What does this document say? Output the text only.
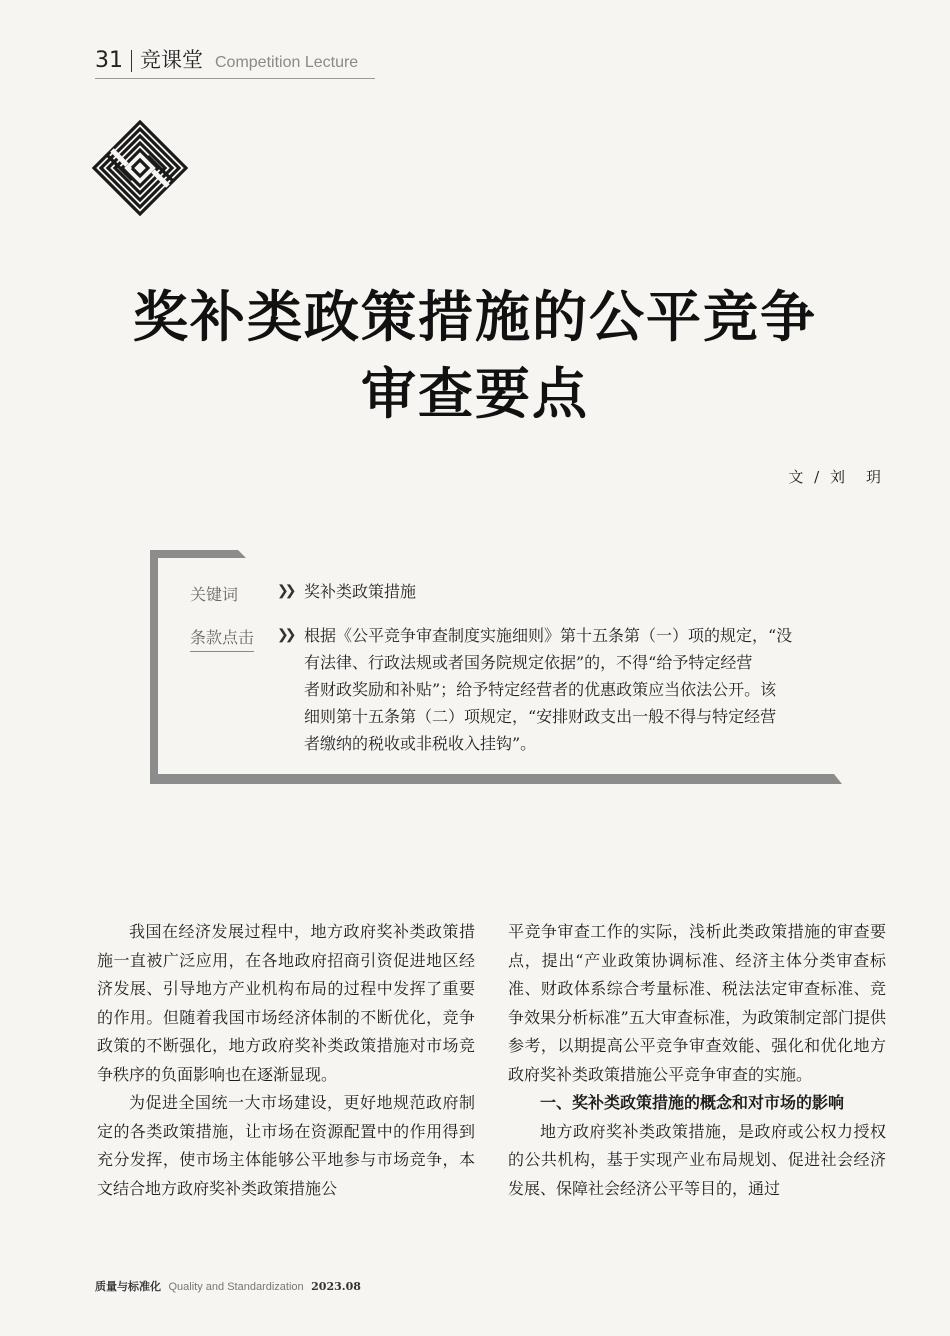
31 竞课堂 Competition Lecture
奖补类政策措施的公平竞争
审查要点
文 / 刘　玥
关键词	❯❯ 奖补类政策措施
条款点击 ❯❯ 根据《公平竞争审查制度实施细则》第十五条第（一）项的规定，“没
有法律、行政法规或者国务院规定依据”的，不得“给予特定经营
者财政奖励和补贴”；给予特定经营者的优惠政策应当依法公开。该
细则第十五条第（二）项规定，“安排财政支出一般不得与特定经营
者缴纳的税收或非税收入挂钩”。

我国在经济发展过程中，地方政府奖补类政策措施一直被广泛应用，在各地政府招商引资促进地区经济发展、引导地方产业机构布局的过程中发挥了重要的作用。但随着我国市场经济体制的不断优化，竞争政策的不断强化，地方政府奖补类政策措施对市场竞争秩序的负面影响也在逐渐显现。

为促进全国统一大市场建设，更好地规范政府制定的各类政策措施，让市场在资源配置中的作用得到充分发挥，使市场主体能够公平地参与市场竞争，本文结合地方政府奖补类政策措施公

平竞争审查工作的实际，浅析此类政策措施的审查要点，提出“产业政策协调标准、经济主体分类审查标准、财政体系综合考量标准、税法法定审查标准、竞争效果分析标准”五大审查标准，为政策制定部门提供参考，以期提高公平竞争审查效能、强化和优化地方政府奖补类政策措施公平竞争审查的实施。

一、奖补类政策措施的概念和对市场的影响

地方政府奖补类政策措施，是政府或公权力授权的公共机构，基于实现产业布局规划、促进社会经济发展、保障社会经济公平等目的，通过

质量与标准化 Quality and Standardization 2023.08
